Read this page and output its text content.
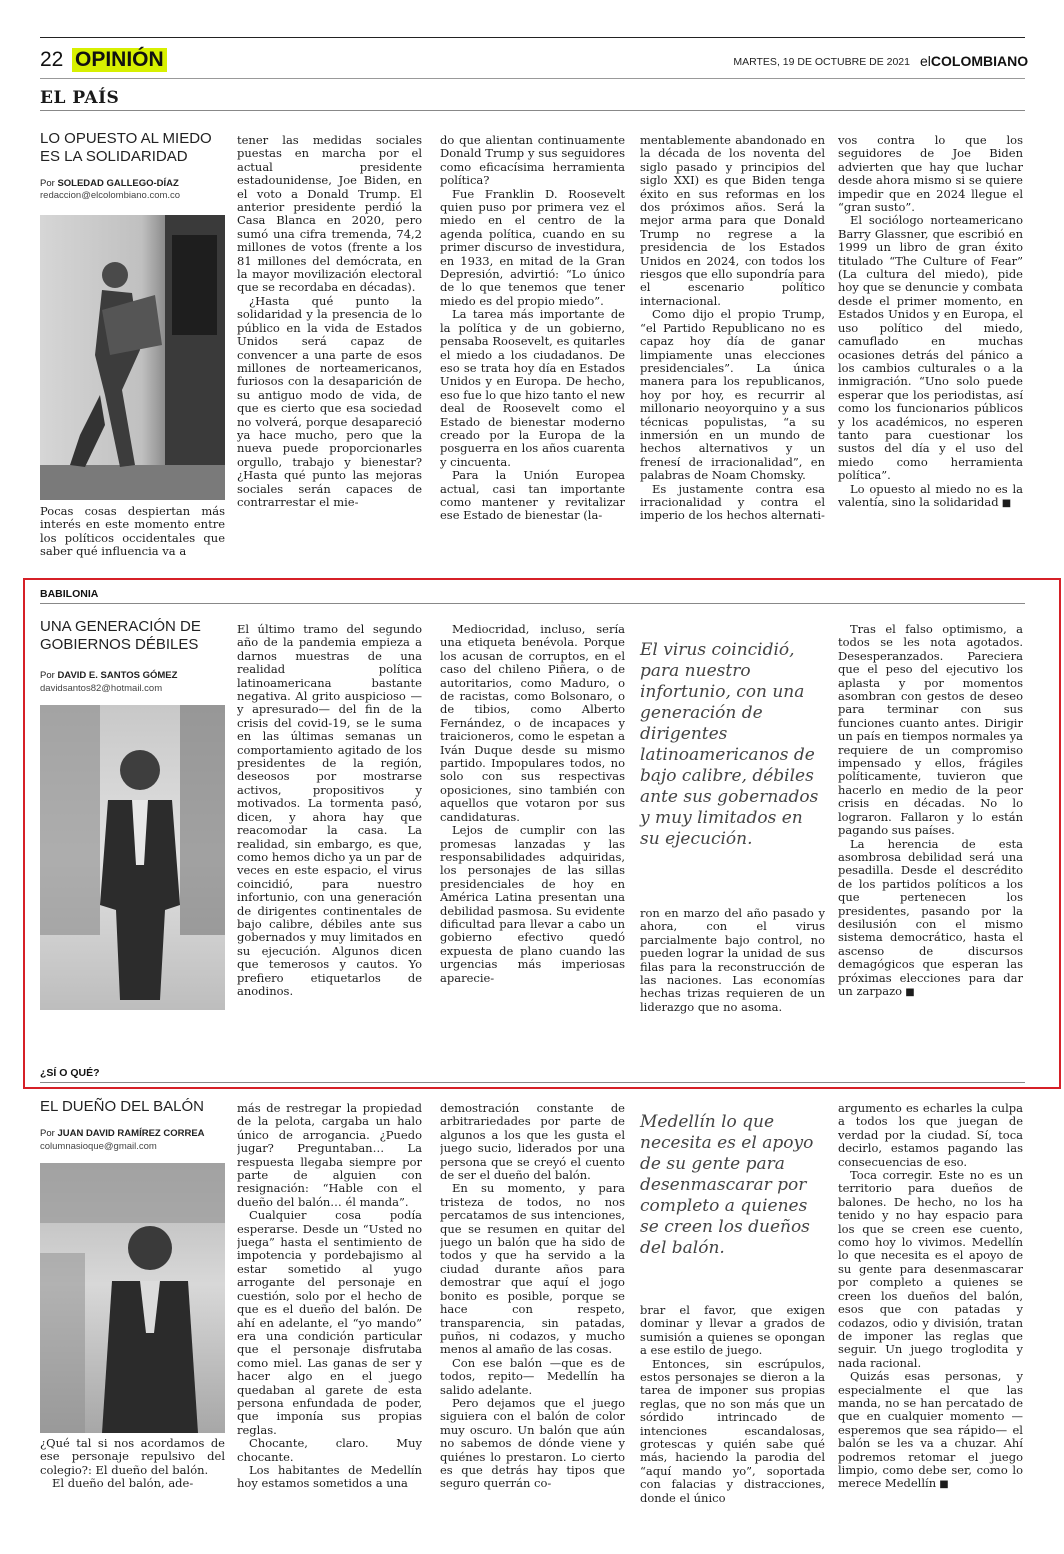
22 OPINIÓN	MARTES, 19 DE OCTUBRE DE 2021 elCOLOMBIANO
EL PAÍS
LO OPUESTO AL MIEDO
ES LA SOLIDARIDAD
Por SOLEDAD GALLEGO-DÍAZ
redaccion@elcolombiano.com.co

Pocas cosas despiertan más interés en este momento entre los políticos occidentales que saber qué influencia va a

tener las medidas sociales puestas en marcha por el actual presidente estadounidense, Joe Biden, en el voto a Donald Trump. El anterior presidente perdió la Casa Blanca en 2020, pero sumó una cifra tremenda, 74,2 millones de votos (frente a los 81 millones del demócrata, en la mayor movilización electoral que se recordaba en décadas).

¿Hasta qué punto la solidaridad y la presencia de lo público en la vida de Estados Unidos será capaz de convencer a una parte de esos millones de norteamericanos, furiosos con la desaparición de su antiguo modo de vida, de que es cierto que esa sociedad no volverá, porque desapareció ya hace mucho, pero que la nueva puede proporcionarles orgullo, trabajo y bienestar? ¿Hasta qué punto las mejoras sociales serán capaces de contrarrestar el mie-

do que alientan continuamente Donald Trump y sus seguidores como eficacísima herramienta política?

Fue Franklin D. Roosevelt quien puso por primera vez el miedo en el centro de la agenda política, cuando en su primer discurso de investidura, en 1933, en mitad de la Gran Depresión, advirtió: “Lo único de lo que tenemos que tener miedo es del propio miedo”.

La tarea más importante de la política y de un gobierno, pensaba Roosevelt, es quitarles el miedo a los ciudadanos. De eso se trata hoy día en Estados Unidos y en Europa. De hecho, eso fue lo que hizo tanto el new deal de Roosevelt como el Estado de bienestar moderno creado por la Europa de la posguerra en los años cuarenta y cincuenta.

Para la Unión Europea actual, casi tan importante como mantener y revitalizar ese Estado de bienestar (la-

mentablemente abandonado en la década de los noventa del siglo pasado y principios del siglo XXI) es que Biden tenga éxito en sus reformas en los dos próximos años. Será la mejor arma para que Donald Trump no regrese a la presidencia de los Estados Unidos en 2024, con todos los riesgos que ello supondría para el escenario político internacional.

Como dijo el propio Trump, “el Partido Republicano no es capaz hoy día de ganar limpiamente unas elecciones presidenciales”. La única manera para los republicanos, hoy por hoy, es recurrir al millonario neoyorquino y a sus técnicas populistas, “a su inmersión en un mundo de hechos alternativos y un frenesí de irracionalidad”, en palabras de Noam Chomsky.

Es justamente contra esa irracionalidad y contra el imperio de los hechos alternati-

vos contra lo que los seguidores de Joe Biden advierten que hay que luchar desde ahora mismo si se quiere impedir que en 2024 llegue el “gran susto”.

El sociólogo norteamericano Barry Glassner, que escribió en 1999 un libro de gran éxito titulado “The Culture of Fear” (La cultura del miedo), pide hoy que se denuncie y combata desde el primer momento, en Estados Unidos y en Europa, el uso político del miedo, camuflado en muchas ocasiones detrás del pánico a los cambios culturales o a la inmigración. “Uno solo puede esperar que los periodistas, así como los funcionarios públicos y los académicos, no esperen tanto para cuestionar los sustos del día y el uso del miedo como herramienta política”.

Lo opuesto al miedo no es la valentía, sino la solidaridad ■

BABILONIA
UNA GENERACIÓN DE
GOBIERNOS DÉBILES
Por DAVID E. SANTOS GÓMEZ
davidsantos82@hotmail.com

El último tramo del segundo año de la pandemia empieza a darnos muestras de una realidad política latinoamericana bastante negativa. Al grito auspicioso —y apresurado— del fin de la crisis del covid-19, se le suma en las últimas semanas un comportamiento agitado de los presidentes de la región, deseosos por mostrarse activos, propositivos y motivados. La tormenta pasó, dicen, y ahora hay que reacomodar la casa. La realidad, sin embargo, es que, como hemos dicho ya un par de veces en este espacio, el virus coincidió, para nuestro infortunio, con una generación de dirigentes continentales de bajo calibre, débiles ante sus gobernados y muy limitados en su ejecución. Algunos dicen que temerosos y cautos. Yo prefiero etiquetarlos de anodinos.

Mediocridad, incluso, sería una etiqueta benévola. Porque los acusan de corruptos, en el caso del chileno Piñera, o de autoritarios, como Maduro, o de racistas, como Bolsonaro, o de tibios, como Alberto Fernández, o de incapaces y traicioneros, como le espetan a Iván Duque desde su mismo partido. Impopulares todos, no solo con sus respectivas oposiciones, sino también con aquellos que votaron por sus candidaturas.

Lejos de cumplir con las promesas lanzadas y las responsabilidades adquiridas, los personajes de las sillas presidenciales de hoy en América Latina presentan una debilidad pasmosa. Su evidente dificultad para llevar a cabo un gobierno efectivo quedó expuesta de plano cuando las urgencias más imperiosas aparecie-

El virus coincidió, para nuestro infortunio, con una generación de dirigentes latinoamericanos de bajo calibre, débiles ante sus gobernados y muy limitados en su ejecución.

ron en marzo del año pasado y ahora, con el virus parcialmente bajo control, no pueden lograr la unidad de sus filas para la reconstrucción de las naciones. Las economías hechas trizas requieren de un liderazgo que no asoma.

Tras el falso optimismo, a todos se les nota agotados. Desesperanzados. Pareciera que el peso del ejecutivo los aplasta y por momentos asombran con gestos de deseo para terminar con sus funciones cuanto antes. Dirigir un país en tiempos normales ya requiere de un compromiso impensado y ellos, frágiles políticamente, tuvieron que hacerlo en medio de la peor crisis en décadas. No lo lograron. Fallaron y lo están pagando sus países.

La herencia de esta asombrosa debilidad será una pesadilla. Desde el descrédito de los partidos políticos a los que pertenecen los presidentes, pasando por la desilusión con el mismo sistema democrático, hasta el ascenso de discursos demagógicos que esperan las próximas elecciones para dar un zarpazo ■

¿SÍ O QUÉ?
EL DUEÑO DEL BALÓN
Por JUAN DAVID RAMÍREZ CORREA
columnasioque@gmail.com

¿Qué tal si nos acordamos de ese personaje repulsivo del colegio?: El dueño del balón.

El dueño del balón, ade-

más de restregar la propiedad de la pelota, cargaba un halo único de arrogancia. ¿Puedo jugar? Preguntaban… La respuesta llegaba siempre por parte de alguien con resignación: “Hable con el dueño del balón… él manda”.

Cualquier cosa podía esperarse. Desde un “Usted no juega” hasta el sentimiento de impotencia y pordebajismo al estar sometido al yugo arrogante del personaje en cuestión, solo por el hecho de que es el dueño del balón. De ahí en adelante, el “yo mando” era una condición particular que el personaje disfrutaba como miel. Las ganas de ser y hacer algo en el juego quedaban al garete de esta persona enfundada de poder, que imponía sus propias reglas.

Chocante, claro. Muy chocante.

Los habitantes de Medellín hoy estamos sometidos a una

demostración constante de arbitrariedades por parte de algunos a los que les gusta el juego sucio, liderados por una persona que se creyó el cuento de ser el dueño del balón.

En su momento, y para tristeza de todos, no nos percatamos de sus intenciones, que se resumen en quitar del juego un balón que ha sido de todos y que ha servido a la ciudad durante años para demostrar que aquí el jogo bonito es posible, porque se hace con respeto, transparencia, sin patadas, puños, ni codazos, y mucho menos al amaño de las cosas.

Con ese balón —que es de todos, repito— Medellín ha salido adelante.

Pero dejamos que el juego siguiera con el balón de color muy oscuro. Un balón que aún no sabemos de dónde viene y quiénes lo prestaron. Lo cierto es que detrás hay tipos que seguro querrán co-

Medellín lo que necesita es el apoyo de su gente para desenmascarar por completo a quienes se creen los dueños del balón.

brar el favor, que exigen dominar y llevar a grados de sumisión a quienes se opongan a ese estilo de juego.

Entonces, sin escrúpulos, estos personajes se dieron a la tarea de imponer sus propias reglas, que no son más que un sórdido intrincado de intenciones escandalosas, grotescas y quién sabe qué más, haciendo la parodia del “aquí mando yo”, soportada con falacias y distracciones, donde el único

argumento es echarles la culpa a todos los que juegan de verdad por la ciudad. Sí, toca decirlo, estamos pagando las consecuencias de eso.

Toca corregir. Este no es un territorio para dueños de balones. De hecho, no los ha tenido y no hay espacio para los que se creen ese cuento, como hoy lo vivimos. Medellín lo que necesita es el apoyo de su gente para desenmascarar por completo a quienes se creen los dueños del balón, esos que con patadas y codazos, odio y división, tratan de imponer las reglas que seguir. Un juego troglodita y nada racional.

Quizás esas personas, y especialmente el que las manda, no se han percatado de que en cualquier momento —esperemos que sea rápido— el balón se les va a chuzar. Ahí podremos retomar el juego limpio, como debe ser, como lo merece Medellín ■
